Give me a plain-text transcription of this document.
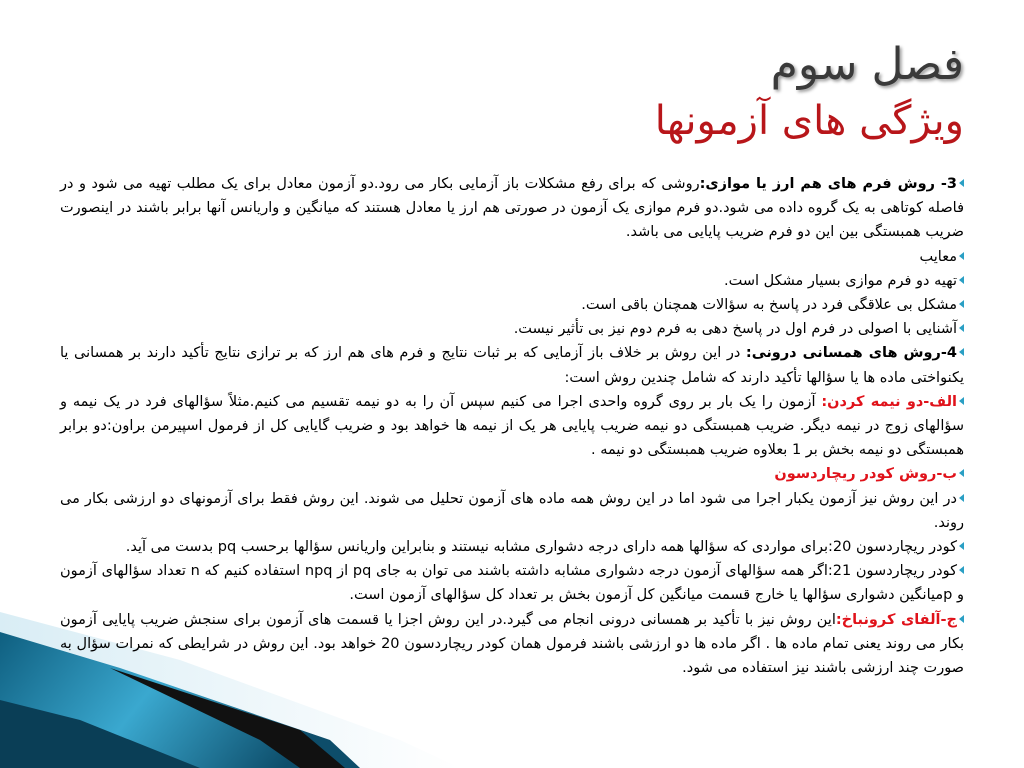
فصل سوم
ویژگی های آزمونها

3- روش فرم های هم ارز یا موازی:روشی که برای رفع مشکلات باز آزمایی بکار می رود.دو آزمون معادل برای یک مطلب تهیه می شود و در فاصله کوتاهی به یک گروه داده می شود.دو فرم موازی یک آزمون در صورتی هم ارز یا معادل هستند که میانگین و واریانس آنها برابر باشند در اینصورت ضریب همبستگی بین این دو فرم ضریب پایایی می باشد.

معایب

تهیه دو فرم موازی بسیار مشکل است.

مشکل بی علاقگی فرد در پاسخ به سؤالات همچنان باقی است.

آشنایی با اصولی در فرم اول در پاسخ دهی به فرم دوم نیز بی تأثیر نیست.

4-روش های همسانی درونی: در این روش بر خلاف باز آزمایی که بر ثبات نتایج و فرم های هم ارز که بر ترازی نتایج تأکید دارند بر همسانی یا یکنواختی ماده ها یا سؤالها تأکید دارند که شامل چندین روش است:

الف-دو نیمه کردن: آزمون را یک بار بر روی گروه واحدی اجرا می کنیم سپس آن را به دو نیمه تقسیم می کنیم.مثلاً سؤالهای فرد در یک نیمه و سؤالهای زوج در نیمه دیگر. ضریب همبستگی دو نیمه ضریب پایایی هر یک از نیمه ها خواهد بود و ضریب گایایی کل از فرمول اسپیرمن براون:دو برابر همبستگی دو نیمه بخش بر 1 بعلاوه ضریب همبستگی دو نیمه .

ب-روش کودر ریچاردسون

در این روش نیز آزمون یکبار اجرا می شود اما در این روش همه ماده های آزمون تحلیل می شوند. این روش فقط برای آزمونهای دو ارزشی بکار می روند.

کودر ریچاردسون 20:برای مواردی که سؤالها همه دارای درجه دشواری مشابه نیستند و بنابراین واریانس سؤالها برحسب pq بدست می آید.

کودر ریچاردسون 21:اگر همه سؤالهای آزمون درجه دشواری مشابه داشته باشند می توان به جای pq از npq استفاده کنیم که n تعداد سؤالهای آزمون و pمیانگین دشواری سؤالها یا خارج قسمت میانگین کل آزمون بخش بر تعداد کل سؤالهای آزمون است.

ج-آلفای کرونباخ:این روش نیز با تأکید بر همسانی درونی انجام می گیرد.در این روش اجزا یا قسمت های آزمون برای سنجش ضریب پایایی آزمون بکار می روند یعنی تمام ماده ها . اگر ماده ها دو ارزشی باشند فرمول همان کودر ریچاردسون 20 خواهد بود. این روش در شرایطی که نمرات سؤال به صورت چند ارزشی باشند نیز استفاده می شود.
